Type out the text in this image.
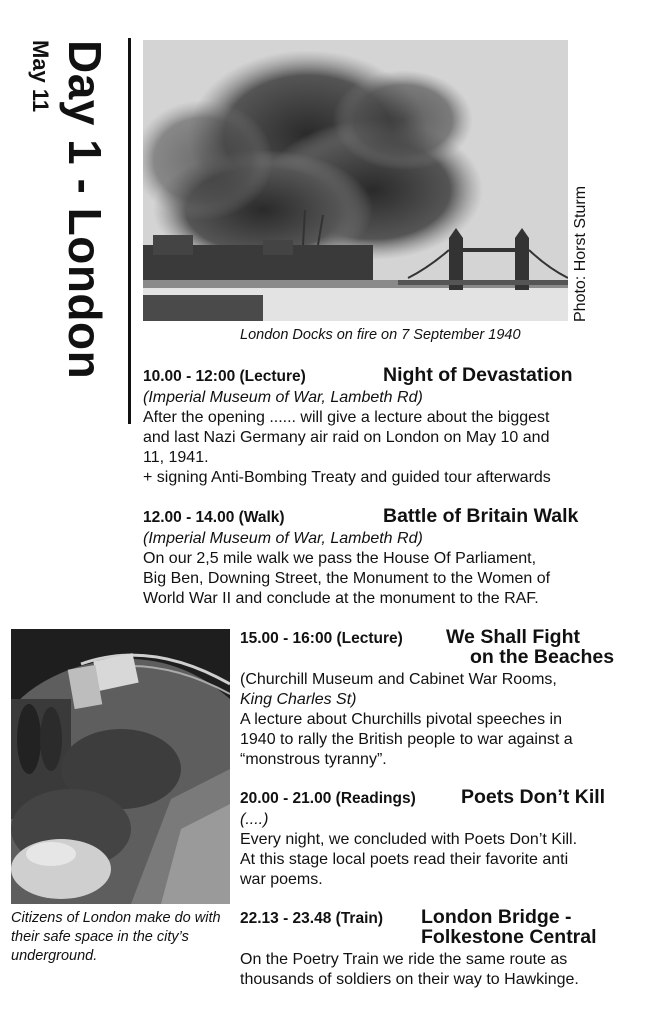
Day 1 - London
May 11
Photo: Horst Sturm
London Docks on fire on 7 September 1940
10.00 - 12:00 (Lecture)	Night of Devastation
(Imperial Museum of War, Lambeth Rd)
After the opening ...... will give a lecture about the biggest
and last Nazi Germany air raid on London on May 10 and
11, 1941.
+ signing Anti-Bombing Treaty and guided tour afterwards
12.00 - 14.00 (Walk)	Battle of Britain Walk
(Imperial Museum of War, Lambeth Rd)
On our 2,5 mile walk we pass the House Of Parliament,
Big Ben, Downing Street, the Monument to the Women of
World War II and conclude at the monument to the RAF.
Citizens of London make do with their safe space in the city’s underground.
15.00 - 16:00 (Lecture) We Shall Fight
on the Beaches
(Churchill Museum and Cabinet War Rooms,
King Charles St)
A lecture about Churchills pivotal speeches in
1940 to rally the British people to war against a
“monstrous tyranny”.
20.00 - 21.00 (Readings) Poets Don’t Kill
(....)
Every night, we concluded with Poets Don’t Kill.
At this stage local poets read their favorite anti
war poems.
22.13 - 23.48 (Train) London Bridge -
Folkestone Central
On the Poetry Train we ride the same route as
thousands of soldiers on their way to Hawkinge.
